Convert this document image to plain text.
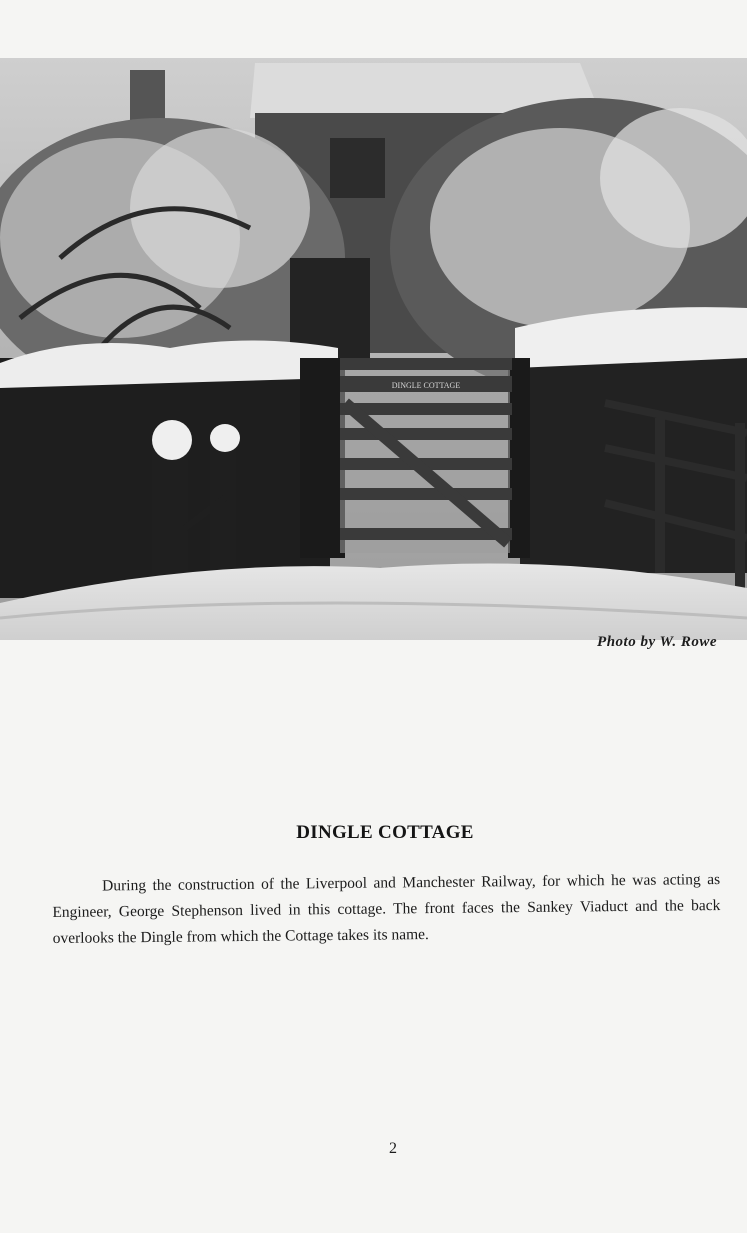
DINGLE COTTAGE
Photo by W. Rowe
DINGLE COTTAGE

During the construction of the Liverpool and Manchester Railway, for which he was acting as Engineer, George Stephenson lived in this cottage. The front faces the Sankey Viaduct and the back overlooks the Dingle from which the Cottage takes its name.

2
